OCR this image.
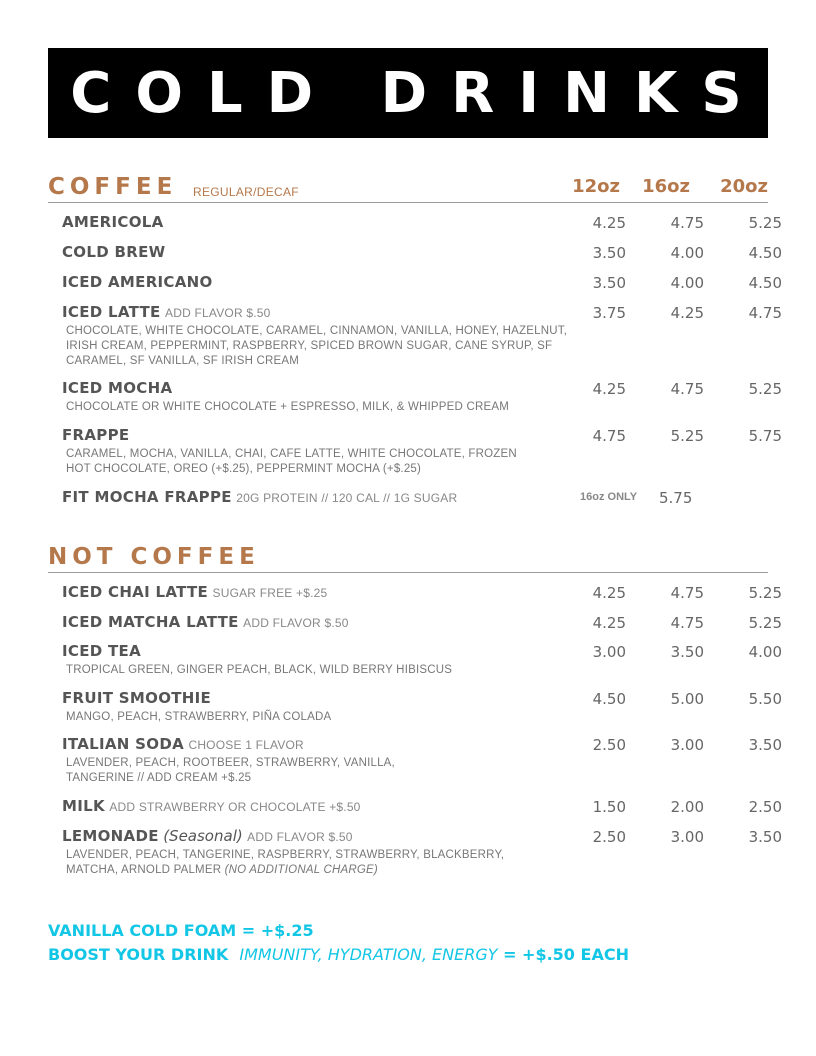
COLD DRINKS
COFFEE REGULAR/DECAF	12oz 16oz 20oz
AMERICOLA	4.25	4.75	5.25
COLD BREW	3.50	4.00	4.50
ICED AMERICANO	3.50	4.00	4.50
ICED LATTE ADD FLAVOR $.50
CHOCOLATE, WHITE CHOCOLATE, CARAMEL, CINNAMON, VANILLA, HONEY, HAZELNUT, IRISH CREAM, PEPPERMINT, RASPBERRY, SPICED BROWN SUGAR, CANE SYRUP, SF CARAMEL, SF VANILLA, SF IRISH CREAM
3.75	4.25	4.75
ICED MOCHA
CHOCOLATE OR WHITE CHOCOLATE + ESPRESSO, MILK, & WHIPPED CREAM
4.25	4.75	5.25
FRAPPE
CARAMEL, MOCHA, VANILLA, CHAI, CAFE LATTE, WHITE CHOCOLATE, FROZEN HOT CHOCOLATE, OREO (+$.25), PEPPERMINT MOCHA (+$.25)
4.75	5.25	5.75
FIT MOCHA FRAPPE 20G PROTEIN // 120 CAL // 1G SUGAR	16oz ONLY 5.75
NOT COFFEE
ICED CHAI LATTE SUGAR FREE +$.25	4.25	4.75	5.25
ICED MATCHA LATTE ADD FLAVOR $.50	4.25	4.75	5.25
ICED TEA
TROPICAL GREEN, GINGER PEACH, BLACK, WILD BERRY HIBISCUS
3.00	3.50	4.00
FRUIT SMOOTHIE
MANGO, PEACH, STRAWBERRY, PIÑA COLADA
4.50	5.00	5.50
ITALIAN SODA CHOOSE 1 FLAVOR
LAVENDER, PEACH, ROOTBEER, STRAWBERRY, VANILLA, TANGERINE // ADD CREAM +$.25
2.50	3.00	3.50
MILK ADD STRAWBERRY OR CHOCOLATE +$.50	1.50	2.00	2.50
LEMONADE (Seasonal) ADD FLAVOR $.50
LAVENDER, PEACH, TANGERINE, RASPBERRY, STRAWBERRY, BLACKBERRY, MATCHA, ARNOLD PALMER (NO ADDITIONAL CHARGE)
2.50	3.00	3.50
VANILLA COLD FOAM = +$.25
BOOST YOUR DRINK IMMUNITY, HYDRATION, ENERGY = +$.50 EACH
